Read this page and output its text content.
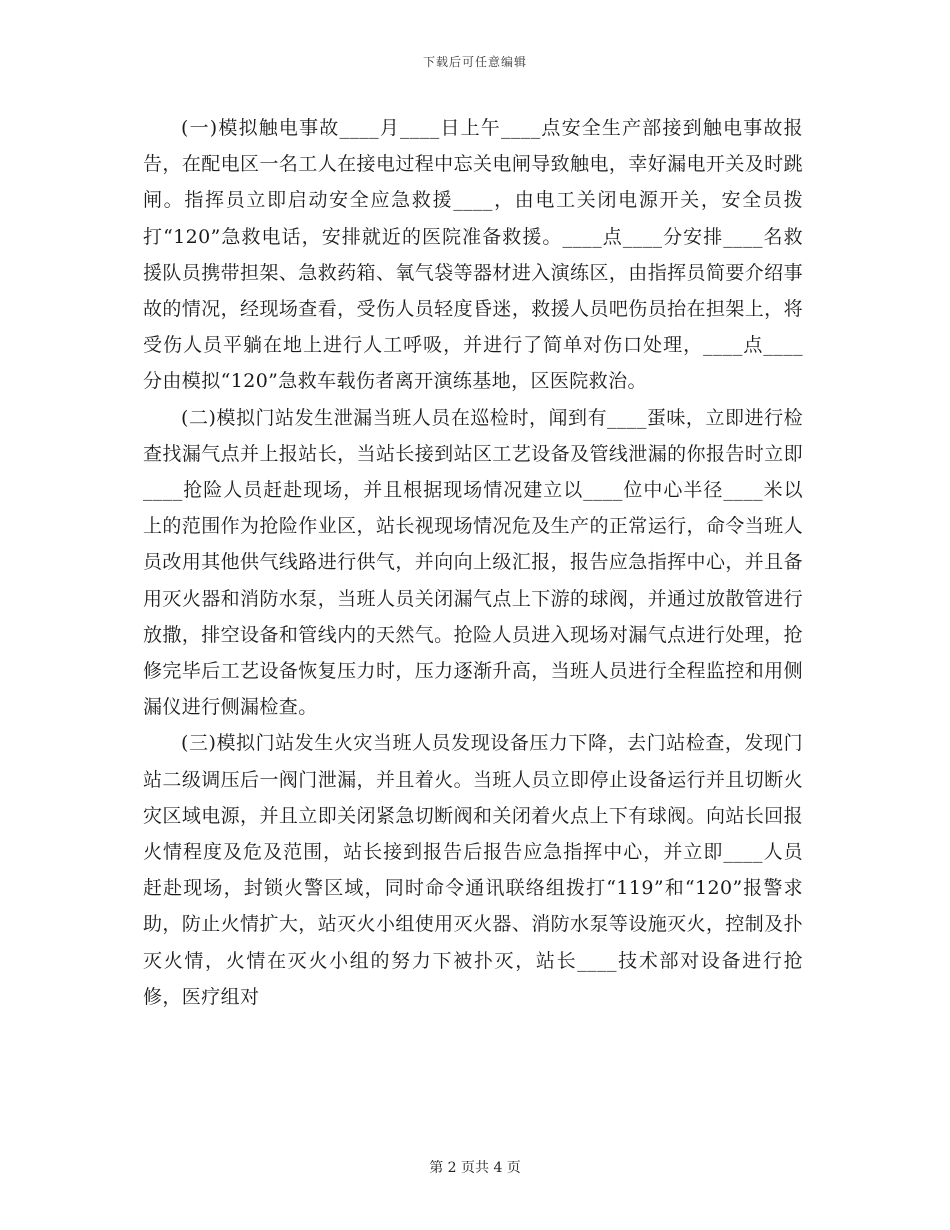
下载后可任意编辑

(一)模拟触电事故____月____日上午____点安全生产部接到触电事故报告，在配电区一名工人在接电过程中忘关电闸导致触电，幸好漏电开关及时跳闸。指挥员立即启动安全应急救援____，由电工关闭电源开关，安全员拨打“120”急救电话，安排就近的医院准备救援。____点____分安排____名救援队员携带担架、急救药箱、氧气袋等器材进入演练区，由指挥员简要介绍事故的情况，经现场查看，受伤人员轻度昏迷，救援人员吧伤员抬在担架上，将受伤人员平躺在地上进行人工呼吸，并进行了简单对伤口处理，____点____分由模拟“120”急救车载伤者离开演练基地，区医院救治。

(二)模拟门站发生泄漏当班人员在巡检时，闻到有____蛋味，立即进行检查找漏气点并上报站长，当站长接到站区工艺设备及管线泄漏的你报告时立即____抢险人员赶赴现场，并且根据现场情况建立以____位中心半径____米以上的范围作为抢险作业区，站长视现场情况危及生产的正常运行，命令当班人员改用其他供气线路进行供气，并向向上级汇报，报告应急指挥中心，并且备用灭火器和消防水泵，当班人员关闭漏气点上下游的球阀，并通过放散管进行放撒，排空设备和管线内的天然气。抢险人员进入现场对漏气点进行处理，抢修完毕后工艺设备恢复压力时，压力逐渐升高，当班人员进行全程监控和用侧漏仪进行侧漏检查。

(三)模拟门站发生火灾当班人员发现设备压力下降，去门站检查，发现门站二级调压后一阀门泄漏，并且着火。当班人员立即停止设备运行并且切断火灾区域电源，并且立即关闭紧急切断阀和关闭着火点上下有球阀。向站长回报火情程度及危及范围，站长接到报告后报告应急指挥中心，并立即____人员赶赴现场，封锁火警区域，同时命令通讯联络组拨打“119”和“120”报警求助，防止火情扩大，站灭火小组使用灭火器、消防水泵等设施灭火，控制及扑灭火情，火情在灭火小组的努力下被扑灭，站长____技术部对设备进行抢修，医疗组对

第 2 页共 4 页
